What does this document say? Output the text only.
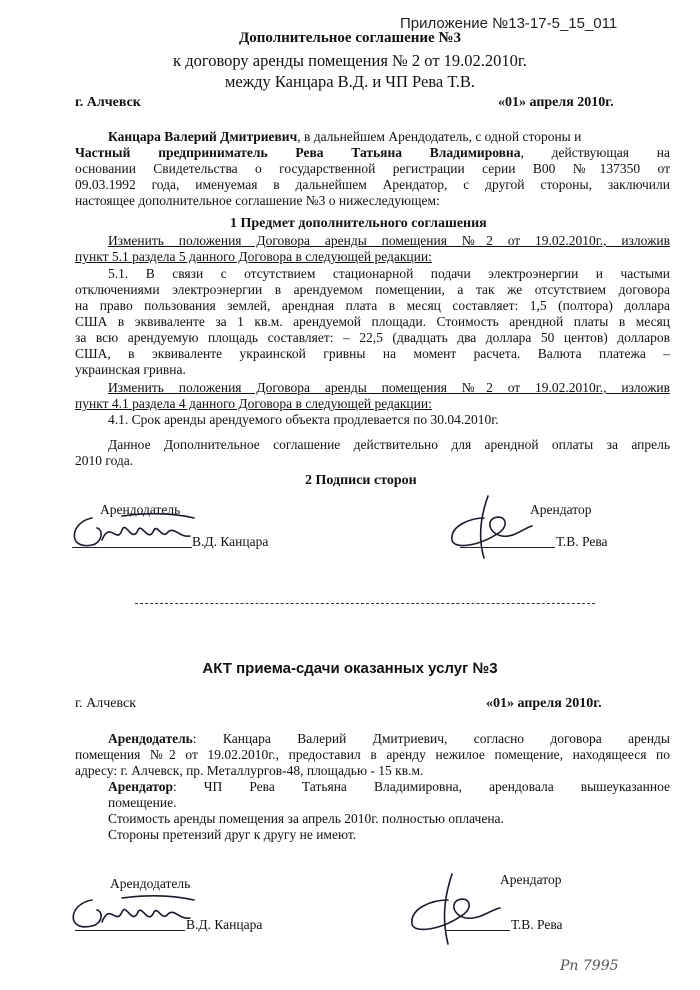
Приложение №13-17-5_15_011
Дополнительное соглашение №3
к договору аренды помещения № 2 от 19.02.2010г.
между Канцара В.Д. и ЧП Рева Т.В.
г. Алчевск	«01» апреля 2010г.
Канцара Валерий Дмитриевич, в дальнейшем Арендодатель, с одной стороны и
Частный предприниматель Рева Татьяна Владимировна, действующая на
основании Свидетельства о государственной регистрации серии В00 №137350 от
09.03.1992 года, именуемая в дальнейшем Арендатор, с другой стороны, заключили
настоящее дополнительное соглашение №3 о нижеследующем:
1 Предмет дополнительного соглашения
Изменить положения Договора аренды помещения №2 от 19.02.2010г., изложив
пункт 5.1 раздела 5 данного Договора в следующей редакции:
5.1. В связи с отсутствием стационарной подачи электроэнергии и частыми
отключениями электроэнергии в арендуемом помещении, а так же отсутствием договора
на право пользования землей, арендная плата в месяц составляет: 1,5 (полтора) доллара
США в эквиваленте за 1 кв.м. арендуемой площади. Стоимость арендной платы в месяц
за всю арендуемую площадь составляет: – 22,5 (двадцать два доллара 50 центов) долларов
США, в эквиваленте украинской гривны на момент расчета. Валюта платежа –
украинская гривна.
Изменить положения Договора аренды помещения №2 от 19.02.2010г., изложив
пункт 4.1 раздела 4 данного Договора в следующей редакции:
4.1. Срок аренды арендуемого объекта продлевается по 30.04.2010г.
Данное Дополнительное соглашение действительно для арендной оплаты за апрель
2010 года.
2 Подписи сторон
Арендодатель
В.Д. Канцара
Арендатор
Т.В. Рева
АКТ приема-сдачи оказанных услуг №3
г. Алчевск	«01» апреля 2010г.
Арендодатель: Канцара Валерий Дмитриевич, согласно договора аренды
помещения №2 от 19.02.2010г., предоставил в аренду нежилое помещение, находящееся по
адресу: г. Алчевск, пр. Металлургов-48, площадью - 15 кв.м.
Арендатор: ЧП Рева Татьяна Владимировна, арендовала вышеуказанное
помещение.
Стоимость аренды помещения за апрель 2010г. полностью оплачена.
Стороны претензий друг к другу не имеют.
Арендодатель
В.Д. Канцара
Арендатор
Т.В. Рева
Рп 7995
